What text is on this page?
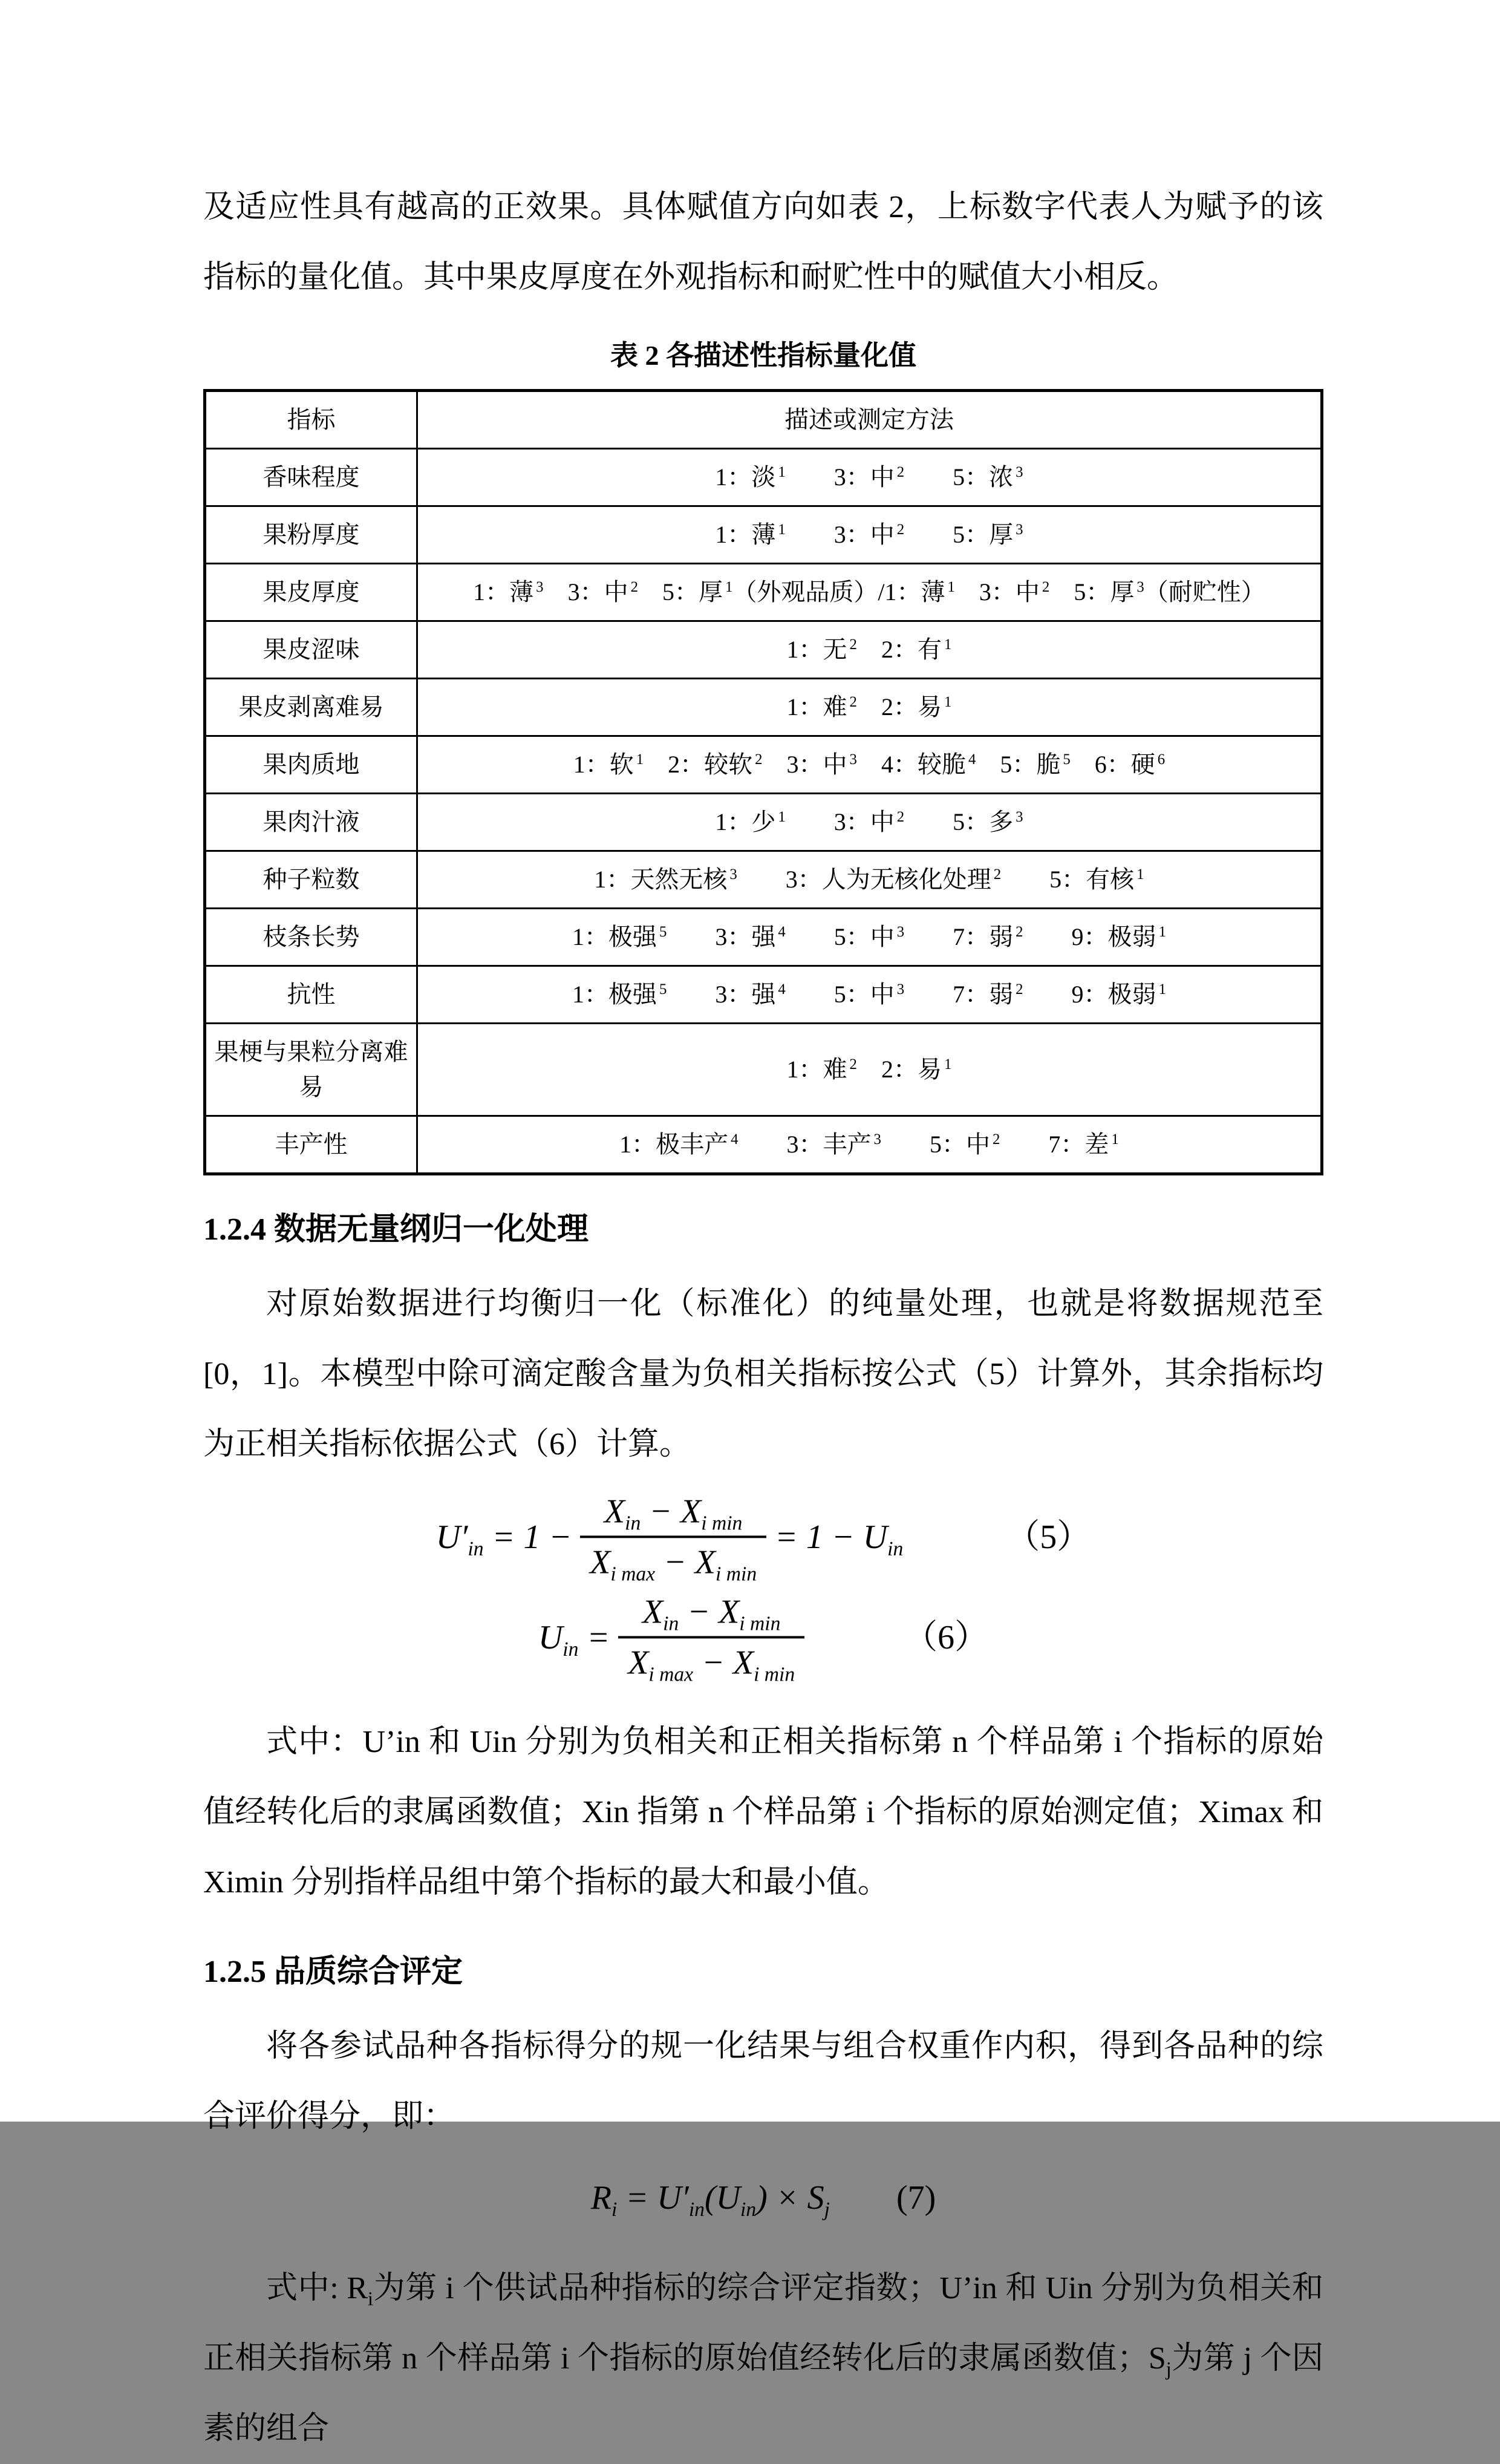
及适应性具有越高的正效果。具体赋值方向如表 2，上标数字代表人为赋予的该指标的量化值。其中果皮厚度在外观指标和耐贮性中的赋值大小相反。

表 2 各描述性指标量化值
指标	描述或测定方法
香味程度	1：淡 $^1$　　3：中 $^2$　　5：浓 $^3$
果粉厚度	1：薄 $^1$　　3：中 $^2$　　5：厚 $^3$
果皮厚度	1：薄 $^3$　3：中 $^2$　5：厚 $^1$（外观品质）/1：薄 $^1$　3：中 $^2$　5：厚 $^3$（耐贮性）
果皮涩味	1：无 $^2$　2：有 $^1$
果皮剥离难易	1：难 $^2$　2：易 $^1$
果肉质地	1：软 $^1$　2：较软 $^2$　3：中 $^3$　4：较脆 $^4$　5：脆 $^5$　6：硬 $^6$
果肉汁液	1：少 $^1$　　3：中 $^2$　　5：多 $^3$
种子粒数	1：天然无核 $^3$　　3：人为无核化处理 $^2$　　5：有核 $^1$
枝条长势	1：极强 $^5$　　3：强 $^4$　　5：中 $^3$　　7：弱 $^2$　　9：极弱 $^1$
抗性	1：极强 $^5$　　3：强 $^4$　　5：中 $^3$　　7：弱 $^2$　　9：极弱 $^1$
果梗与果粒分离难易	1：难 $^2$　2：易 $^1$
丰产性	1：极丰产 $^4$　　3：丰产 $^3$　　5：中 $^2$　　7：差 $^1$
1.2.4 数据无量纲归一化处理

对原始数据进行均衡归一化（标准化）的纯量处理，也就是将数据规范至[0，1]。本模型中除可滴定酸含量为负相关指标按公式（5）计算外，其余指标均为正相关指标依据公式（6）计算。

$U'_{in} = 1 - \frac{X_{in} - X_{i min}}{X_{i max} - X_{i min}} = 1 - U_{in}$	（5）
$U_{in} = \frac{X_{in} - X_{i min}}{X_{i max} - X_{i min}}$	（6）

式中：U’in 和 Uin 分别为负相关和正相关指标第 n 个样品第 i 个指标的原始值经转化后的隶属函数值；Xin 指第 n 个样品第 i 个指标的原始测定值；Ximax 和 Ximin 分别指样品组中第个指标的最大和最小值。

1.2.5 品质综合评定

将各参试品种各指标得分的规一化结果与组合权重作内积，得到各品种的综合评价得分，即：

$R_i = U'_{in}(U_{in}) \times S_j$ (7)

式中: $R_i$为第 i 个供试品种指标的综合评定指数；U’in 和 Uin 分别为负相关和正相关指标第 n 个样品第 i 个指标的原始值经转化后的隶属函数值；$S_j$为第 j 个因素的组合
